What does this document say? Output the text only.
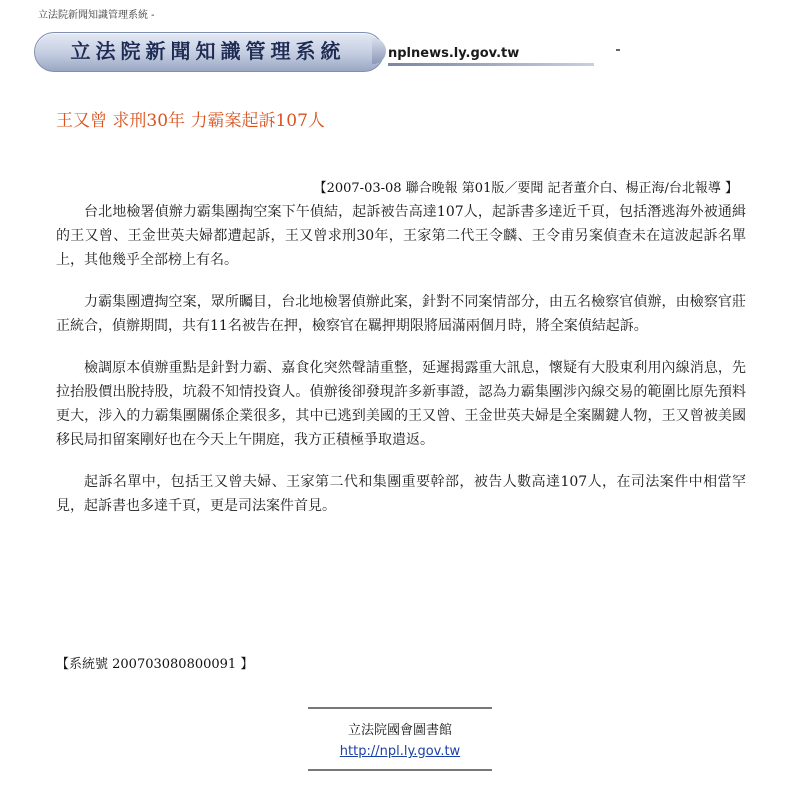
立法院新聞知識管理系統 -
立法院新聞知識管理系統	nplnews.ly.gov.tw
王又曾 求刑30年 力霸案起訴107人
【2007-03-08 聯合晚報 第01版／要聞 記者董介白、楊正海/台北報導 】

台北地檢署偵辦力霸集團掏空案下午偵結，起訴被告高達107人，起訴書多達近千頁，包括潛逃海外被通緝的王又曾、王金世英夫婦都遭起訴，王又曾求刑30年，王家第二代王令麟、王令甫另案偵查未在這波起訴名單上，其他幾乎全部榜上有名。

力霸集團遭掏空案，眾所矚目，台北地檢署偵辦此案，針對不同案情部分，由五名檢察官偵辦，由檢察官莊正統合，偵辦期間，共有11名被告在押，檢察官在羈押期限將屆滿兩個月時，將全案偵結起訴。

檢調原本偵辦重點是針對力霸、嘉食化突然聲請重整，延遲揭露重大訊息，懷疑有大股東利用內線消息，先拉抬股價出脫持股，坑殺不知情投資人。偵辦後卻發現許多新事證，認為力霸集團涉內線交易的範圍比原先預料更大，涉入的力霸集團關係企業很多，其中已逃到美國的王又曾、王金世英夫婦是全案關鍵人物，王又曾被美國移民局扣留案剛好也在今天上午開庭，我方正積極爭取遣返。

起訴名單中，包括王又曾夫婦、王家第二代和集團重要幹部，被告人數高達107人，在司法案件中相當罕見，起訴書也多達千頁，更是司法案件首見。

【系統號 200703080800091 】
立法院國會圖書館
http://npl.ly.gov.tw
